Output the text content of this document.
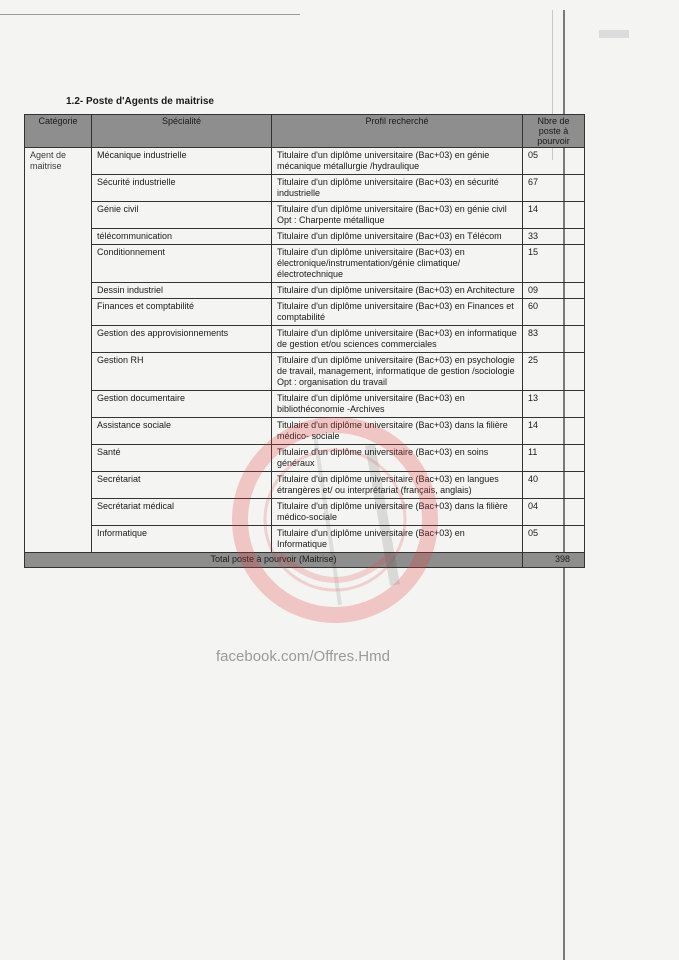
1.2- Poste d'Agents de maitrise
Catégorie	Spécialité	Profil recherché	Nbre de poste à pourvoir
Agent de maitrise	Mécanique industrielle	Titulaire d'un diplôme universitaire (Bac+03) en génie mécanique métallurgie /hydraulique	05
	Sécurité industrielle	Titulaire d'un diplôme universitaire (Bac+03) en sécurité industrielle	67
	Génie civil	Titulaire d'un diplôme universitaire (Bac+03) en génie civil Opt : Charpente métallique	14
	télécommunication	Titulaire d'un diplôme universitaire (Bac+03) en Télécom	33
	Conditionnement	Titulaire d'un diplôme universitaire (Bac+03) en électronique/instrumentation/génie climatique/électrotechnique	15
	Dessin industriel	Titulaire d'un diplôme universitaire (Bac+03) en Architecture	09
	Finances et comptabilité	Titulaire d'un diplôme universitaire (Bac+03) en Finances et comptabilité	60
	Gestion des approvisionnements	Titulaire d'un diplôme universitaire (Bac+03) en informatique de gestion et/ou sciences commerciales	83
	Gestion RH	Titulaire d'un diplôme universitaire (Bac+03) en psychologie de travail, management, informatique de gestion /sociologie Opt : organisation du travail	25
	Gestion documentaire	Titulaire d'un diplôme universitaire (Bac+03) en bibliothéconomie -Archives	13
	Assistance sociale	Titulaire d'un diplôme universitaire (Bac+03) dans la filière médico- sociale	14
	Santé	Titulaire d'un diplôme universitaire (Bac+03) en soins généraux	11
	Secrétariat	Titulaire d'un diplôme universitaire (Bac+03) en langues étrangères et/ ou interprétariat (français, anglais)	40
	Secrétariat médical	Titulaire d'un diplôme universitaire (Bac+03) dans la filière médico-sociale	04
	Informatique	Titulaire d'un diplôme universitaire (Bac+03) en Informatique	05
Total poste à pourvoir (Maitrise)			398
facebook.com/Offres.Hmd
